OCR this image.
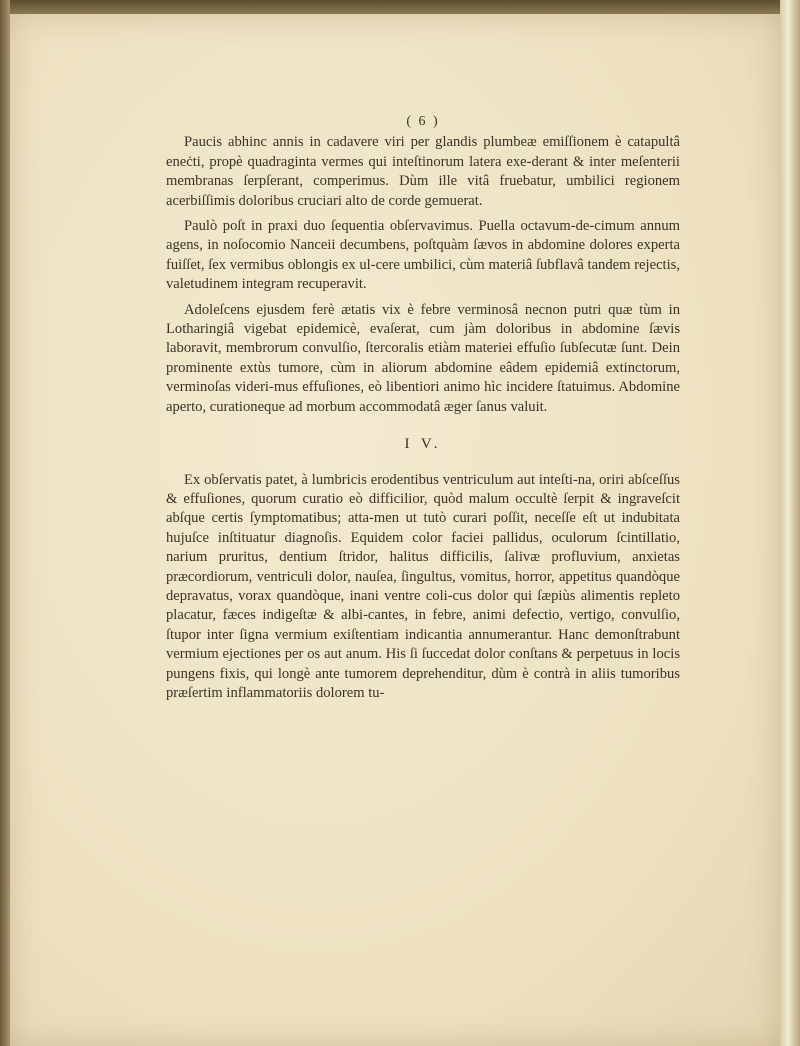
( 6 )

Paucis abhinc annis in cadavere viri per glandis plumbeæ emiſſionem è catapultâ eneċti, propè quadraginta vermes qui inteſtinorum latera exe-derant & inter meſenterii membranas ſerpſerant, comperimus. Dùm ille vitâ fruebatur, umbilici regionem acerbiſſimis doloribus cruciari alto de corde gemuerat.

Paulò poſt in praxi duo ſequentia obſervavimus. Puella octavum-de-cimum annum agens, in noſocomio Nanceii decumbens, poſtquàm ſævos in abdomine dolores experta fuiſſet, ſex vermibus oblongis ex ul-cere umbilici, cùm materiâ ſubflavâ tandem rejectis, valetudinem integram recuperavit.

Adoleſcens ejusdem ferè ætatis vix è febre verminosâ necnon putri quæ tùm in Lotharingiâ vigebat epidemicè, evaſerat, cum jàm doloribus in abdomine ſævis laboravit, membrorum convulſio, ſtercoralis etiàm materiei effuſio ſubſecutæ ſunt. Dein prominente extùs tumore, cùm in aliorum abdomine eâdem epidemiâ extinctorum, verminoſas videri-mus effuſiones, eò libentiori animo hìc incidere ſtatuimus. Abdomine aperto, curationeque ad morbum accommodatâ æger ſanus valuit.

I V.

Ex obſervatis patet, à lumbricis erodentibus ventriculum aut inteſti-na, oriri abſceſſus & effuſiones, quorum curatio eò difficilior, quòd malum occultè ſerpit & ingraveſcit abſque certis ſymptomatibus; atta-men ut tutò curari poſſit, neceſſe eſt ut indubitata hujuſce inſtituatur diagnoſis. Equidem color faciei pallidus, oculorum ſcintillatio, narium pruritus, dentium ſtridor, halitus difficilis, ſalivæ profluvium, anxietas præcordiorum, ventriculi dolor, nauſea, ſingultus, vomitus, horror, appetitus quandòque depravatus, vorax quandòque, inani ventre coli-cus dolor qui ſæpiùs alimentis repleto placatur, fæces indigeſtæ & albi-cantes, in febre, animi defectio, vertigo, convulſio, ſtupor inter ſigna vermium exiſtentiam indicantia annumerantur. Hanc demonſtrabunt vermium ejectiones per os aut anum. His ſi ſuccedat dolor conſtans & perpetuus in locis pungens fixis, qui longè ante tumorem deprehenditur, dùm è contrà in aliis tumoribus præſertim inflammatoriis dolorem tu-
